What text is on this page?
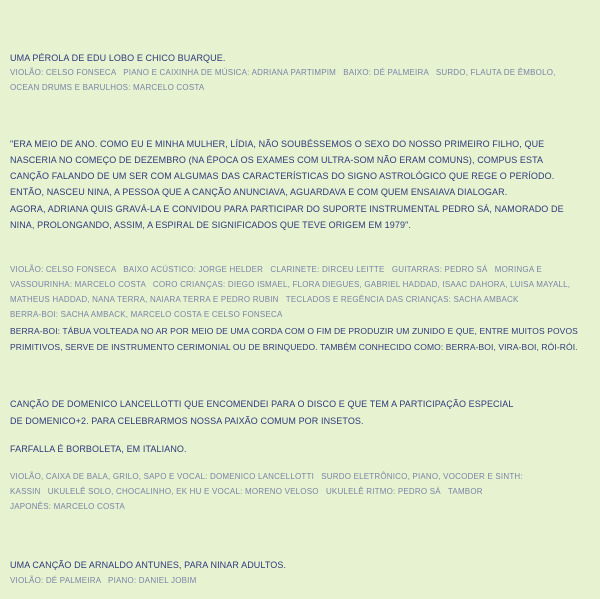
UMA PÉROLA DE EDU LOBO E CHICO BUARQUE.
VIOLÃO: CELSO FONSECA   PIANO E CAIXINHA DE MÚSICA: ADRIANA PARTIMPIM   BAIXO: DÉ PALMEIRA   SURDO, FLAUTA DE ÊMBOLO,
OCEAN DRUMS E BARULHOS: MARCELO COSTA

"ERA MEIO DE ANO. COMO EU E MINHA MULHER, LÍDIA, NÃO SOUBÉSSEMOS O SEXO DO NOSSO PRIMEIRO FILHO, QUE
NASCERIA NO COMEÇO DE DEZEMBRO (NA ÉPOCA OS EXAMES COM ULTRA-SOM NÃO ERAM COMUNS), COMPUS ESTA
CANÇÃO FALANDO DE UM SER COM ALGUMAS DAS CARACTERÍSTICAS DO SIGNO ASTROLÓGICO QUE REGE O PERÍODO.
ENTÃO, NASCEU NINA, A PESSOA QUE A CANÇÃO ANUNCIAVA, AGUARDAVA E COM QUEM ENSAIAVA DIALOGAR.
AGORA, ADRIANA QUIS GRAVÁ-LA E CONVIDOU PARA PARTICIPAR DO SUPORTE INSTRUMENTAL PEDRO SÁ, NAMORADO DE
NINA, PROLONGANDO, ASSIM, A ESPIRAL DE SIGNIFICADOS QUE TEVE ORIGEM EM 1979".

VIOLÃO: CELSO FONSECA   BAIXO ACÚSTICO: JORGE HELDER   CLARINETE: DIRCEU LEITTE   GUITARRAS: PEDRO SÁ   MORINGA E
VASSOURINHA: MARCELO COSTA   CORO CRIANÇAS: DIEGO ISMAEL, FLORA DIEGUES, GABRIEL HADDAD, ISAAC DAHORA, LUISA MAYALL,
MATHEUS HADDAD, NANA TERRA, NAIARA TERRA E PEDRO RUBIN   TECLADOS E REGÊNCIA DAS CRIANÇAS: SACHA AMBACK
BERRA-BOI: SACHA AMBACK, MARCELO COSTA E CELSO FONSECA
BERRA-BOI: TÁBUA VOLTEADA NO AR POR MEIO DE UMA CORDA COM O FIM DE PRODUZIR UM ZUNIDO E QUE, ENTRE MUITOS POVOS
PRIMITIVOS, SERVE DE INSTRUMENTO CERIMONIAL OU DE BRINQUEDO. TAMBÉM CONHECIDO COMO: BERRA-BOI, VIRA-BOI, RÓI-RÓI.

CANÇÃO DE DOMENICO LANCELLOTTI QUE ENCOMENDEI PARA O DISCO E QUE TEM A PARTICIPAÇÃO ESPECIAL
DE DOMENICO+2. PARA CELEBRARMOS NOSSA PAIXÃO COMUM POR INSETOS.
FARFALLA É BORBOLETA, EM ITALIANO.
VIOLÃO, CAIXA DE BALA, GRILO, SAPO E VOCAL: DOMENICO LANCELLOTTI   SURDO ELETRÔNICO, PIANO, VOCODER E SINTH:
KASSIN   UKULELÊ SOLO, CHOCALINHO, EK HU E VOCAL: MORENO VELOSO   UKULELÊ RITMO: PEDRO SÁ   TAMBOR
JAPONÊS: MARCELO COSTA

UMA CANÇÃO DE ARNALDO ANTUNES, PARA NINAR ADULTOS.
VIOLÃO: DÉ PALMEIRA   PIANO: DANIEL JOBIM
